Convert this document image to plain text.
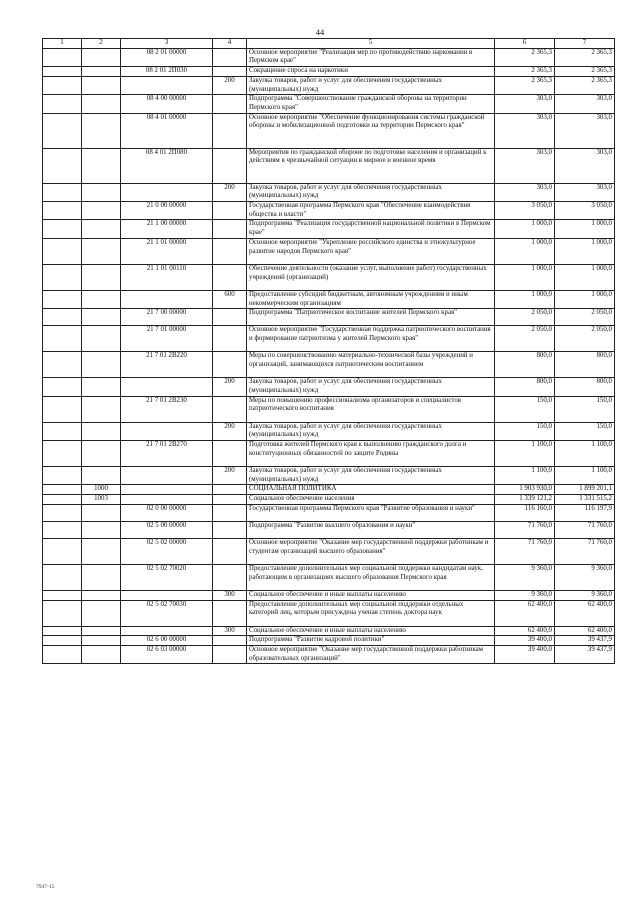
44
1	2	3	4	5	6	7
		08 2 01 00000		Основное мероприятие "Реализация мер по противодействию наркомании в Пермском крае"	2 365,3	2 365,3
		08 2 01 2П030		Сокращение спроса на наркотики	2 365,3	2 365,3
			200	Закупка товаров, работ и услуг для обеспечения государственных (муниципальных) нужд	2 365,3	2 365,3
		08 4 00 00000		Подпрограмма "Совершенствование гражданской обороны на территории Пермского края"	303,0	303,0
		08 4 01 00000		Основное мероприятие "Обеспечение функционирования системы гражданской обороны и мобилизационной подготовки на территории Пермского края"	303,0	303,0
		08 4 01 2П080		Мероприятия по гражданской обороне по подготовке населения и организаций к действиям в чрезвычайной ситуации в мирное и военное время	303,0	303,0
			200	Закупка товаров, работ и услуг для обеспечения государственных (муниципальных) нужд	303,0	303,0
		21 0 00 00000		Государственная программа Пермского края "Обеспечение взаимодействия общества и власти"	3 050,0	3 050,0
		21 1 00 00000		Подпрограмма "Реализация государственной национальной политики в Пермском крае"	1 000,0	1 000,0
		21 1 01 00000		Основное мероприятие "Укрепление российского единства и этнокультурное развитие народов Пермского края"	1 000,0	1 000,0
		21 1 01 00110		Обеспечение деятельности (оказание услуг, выполнение работ) государственных учреждений (организаций)	1 000,0	1 000,0
			600	Предоставление субсидий бюджетным, автономным учреждениям и иным некоммерческим организациям	1 000,0	1 000,0
		21 7 00 00000		Подпрограмма "Патриотическое воспитание жителей Пермского края"	2 050,0	2 050,0
		21 7 01 00000		Основное мероприятие "Государственная поддержка патриотического воспитания и формирование патриотизма у жителей Пермского края"	2 050,0	2 050,0
		21 7 01 2В220		Меры по совершенствованию материально-технической базы учреждений и организаций, занимающихся патриотическим воспитанием	800,0	800,0
			200	Закупка товаров, работ и услуг для обеспечения государственных (муниципальных) нужд	800,0	800,0
		21 7 01 2В230		Меры по повышению профессионализма организаторов и специалистов патриотического воспитания	150,0	150,0
			200	Закупка товаров, работ и услуг для обеспечения государственных (муниципальных) нужд	150,0	150,0
		21 7 01 2В270		Подготовка жителей Пермского края к выполнению гражданского долга и конституционных обязанностей по защите Родины	1 100,0	1 100,0
			200	Закупка товаров, работ и услуг для обеспечения государственных (муниципальных) нужд	1 100,0	1 100,0
	1000			СОЦИАЛЬНАЯ ПОЛИТИКА	1 903 930,0	1 899 201,1
	1003			Социальное обеспечение населения	1 339 121,2	1 331 515,2
		02 0 00 00000		Государственная программа Пермского края "Развитие образования и науки"	116 160,0	116 197,9
		02 5 00 00000		Подпрограмма "Развитие высшего образования и науки"	71 760,0	71 760,0
		02 5 02 00000		Основное мероприятие "Оказание мер государственной поддержки работникам и студентам организаций высшего образования"	71 760,0	71 760,0
		02 5 02 70020		Предоставление дополнительных мер социальной поддержки кандидатам наук, работающим в организациях высшего образования Пермского края	9 360,0	9 360,0
			300	Социальное обеспечение и иные выплаты населению	9 360,0	9 360,0
		02 5 02 70030		Предоставление дополнительных мер социальной поддержки отдельных категорий лиц, которым присуждена ученая степень доктора наук	62 400,0	62 400,0
			300	Социальное обеспечение и иные выплаты населению	62 400,0	62 400,0
		02 6 00 00000		Подпрограмма "Развитие кадровой политики"	39 400,0	39 437,9
		02 6 03 00000		Основное мероприятие "Оказание мер государственной поддержки работникам образовательных организаций"	39 400,0	39 437,9
7947-15
